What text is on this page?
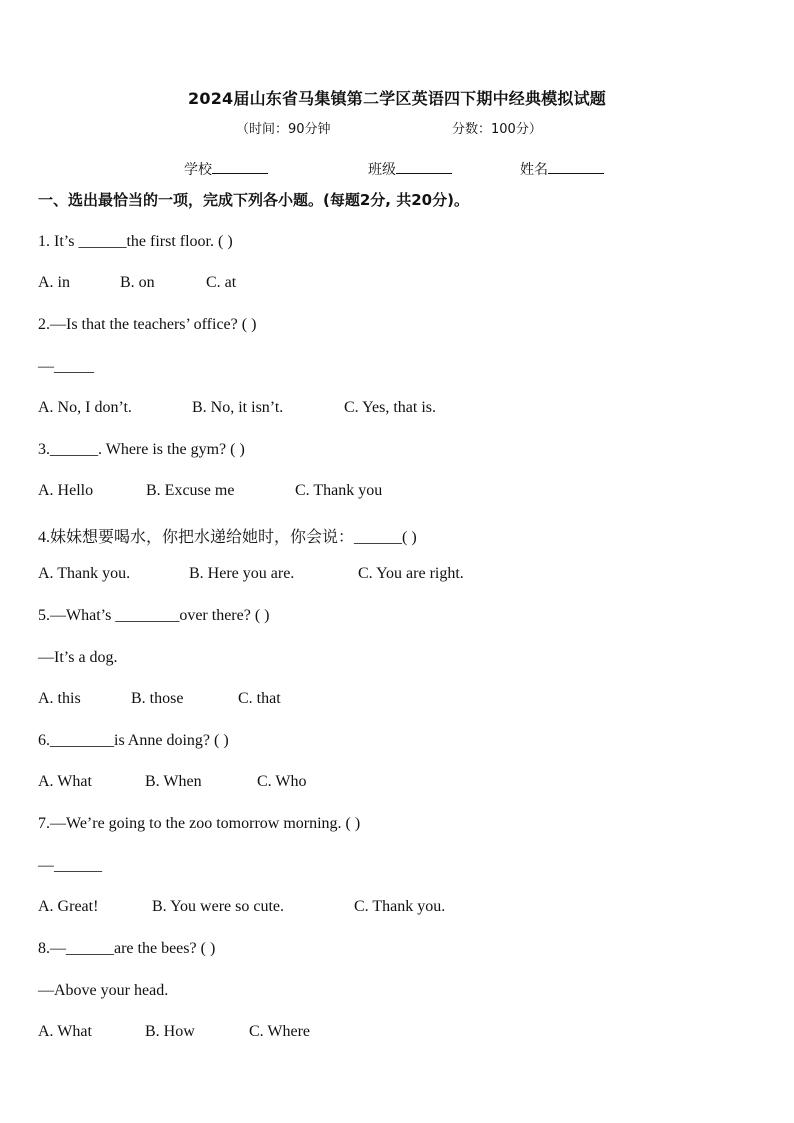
2024届山东省马集镇第二学区英语四下期中经典模拟试题
（时间：90分钟	分数：100分）
学校	班级	姓名
一、选出最恰当的一项，完成下列各小题。(每题2分, 共20分)。
1. It’s ______the first floor. ( )
A. in	B. on	C. at
2.—Is that the teachers’ office? ( )
—_____
A. No, I don’t.	B. No, it isn’t.	C. Yes, that is.
3.______. Where is the gym? ( )
A. Hello	B. Excuse me	C. Thank you
4.妹妹想要喝水，你把水递给她时，你会说：______( )
A. Thank you.	B. Here you are.	C. You are right.
5.—What’s ________over there? ( )
—It’s a dog.
A. this	B. those	C. that
6.________is Anne doing? ( )
A. What	B. When	C. Who
7.—We’re going to the zoo tomorrow morning. ( )
—______
A. Great!	B. You were so cute.	C. Thank you.
8.—______are the bees? ( )
—Above your head.
A. What	B. How	C. Where
